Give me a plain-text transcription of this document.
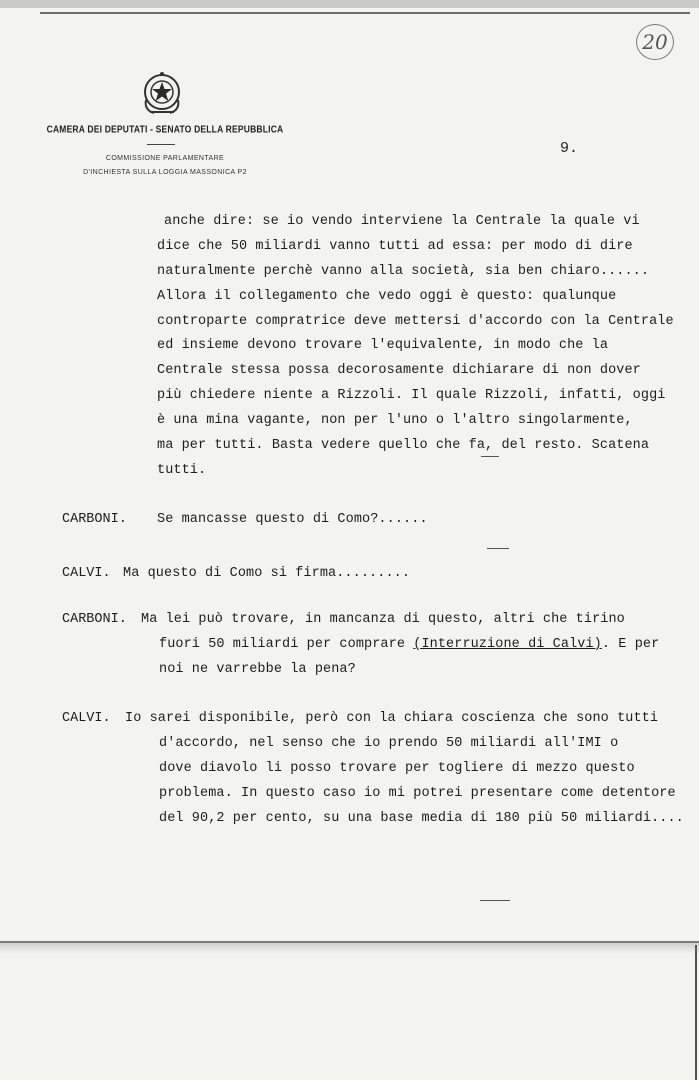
20
CAMERA DEI DEPUTATI - SENATO DELLA REPUBBLICA
COMMISSIONE PARLAMENTARE
D'INCHIESTA SULLA LOGGIA MASSONICA P2
9.
anche dire: se io vendo interviene la Centrale la quale vi
dice che 50 miliardi vanno tutti ad essa: per modo di dire
naturalmente perchè vanno alla società, sia ben chiaro......
Allora il collegamento che vedo oggi è questo: qualunque
controparte compratrice deve mettersi d'accordo con la Centrale
ed insieme devono trovare l'equivalente, in modo che la
Centrale stessa possa decorosamente dichiarare di non dover
più chiedere niente a Rizzoli. Il quale Rizzoli, infatti, oggi
è una mina vagante, non per l'uno o l'altro singolarmente,
ma per tutti. Basta vedere quello che fa, del resto. Scatena
tutti.
CARBONI. Se mancasse questo di Como?......
CALVI. Ma questo di Como si firma.........
CARBONI. Ma lei può trovare, in mancanza di questo, altri che tirino
fuori 50 miliardi per comprare (Interruzione di Calvi). E per
noi ne varrebbe la pena?
CALVI. Io sarei disponibile, però con la chiara coscienza che sono tutti
d'accordo, nel senso che io prendo 50 miliardi all'IMI o
dove diavolo li posso trovare per togliere di mezzo questo
problema. In questo caso io mi potrei presentare come detentore
del 90,2 per cento, su una base media di 180 più 50 miliardi....
